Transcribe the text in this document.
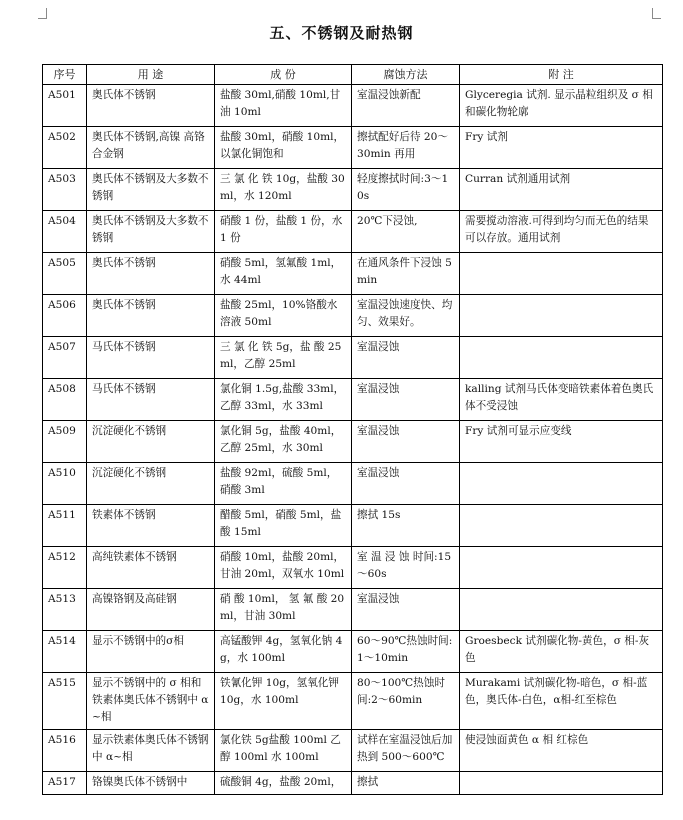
五、不锈钢及耐热钢
序号	用 途	成 份	腐蚀方法	附 注
A501	奥氏体不锈钢	盐酸 30ml,硝酸 10ml,甘油 10ml	室温浸蚀新配	Glyceregia 试剂. 显示晶粒组织及 σ 相和碳化物轮廓
A502	奥氏体不锈钢,高镍 高铬合金钢	盐酸 30ml，硝酸 10ml，以氯化铜饱和	擦拭配好后待 20～30min 再用	Fry 试剂
A503	奥氏体不锈钢及大多数不锈钢	三 氯 化 铁 10g，盐酸 30ml，水 120ml	轻度擦拭时间:3～10s	Curran 试剂通用试剂
A504	奥氏体不锈钢及大多数不锈钢	硝酸 1 份，盐酸 1 份，水 1 份	20℃下浸蚀,	需要搅动溶液.可得到均匀而无色的结果可以存放。通用试剂
A505	奥氏体不锈钢	硝酸 5ml，氢氟酸 1ml，水 44ml	在通风条件下浸蚀 5min	
A506	奥氏体不锈钢	盐酸 25ml，10%铬酸水溶液 50ml	室温浸蚀速度快、均匀、效果好。	
A507	马氏体不锈钢	三 氯 化 铁 5g，盐 酸 25ml，乙醇 25ml	室温浸蚀	
A508	马氏体不锈钢	氯化铜 1.5g,盐酸 33ml，乙醇 33ml，水 33ml	室温浸蚀	kalling 试剂马氏体变暗铁素体着色奥氏体不受浸蚀
A509	沉淀硬化不锈钢	氯化铜 5g，盐酸 40ml，乙醇 25ml，水 30ml	室温浸蚀	Fry 试剂可显示应变线
A510	沉淀硬化不锈钢	盐酸 92ml，硫酸 5ml，硝酸 3ml	室温浸蚀	
A511	铁素体不锈钢	醋酸 5ml，硝酸 5ml，盐酸 15ml	擦拭 15s	
A512	高纯铁素体不锈钢	硝酸 10ml，盐酸 20ml，甘油 20ml，双氧水 10ml	室 温 浸 蚀 时间:15～60s	
A513	高镍铬钢及高硅钢	硝 酸 10ml， 氢 氟 酸 20ml，甘油 30ml	室温浸蚀	
A514	显示不锈钢中的σ相	高锰酸钾 4g，氢氧化钠 4g，水 100ml	60～90℃热蚀时间:1～10min	Groesbeck 试剂碳化物-黄色，σ 相-灰色
A515	显示不锈钢中的 σ 相和铁素体奥氏体不锈钢中 α~相	铁氰化钾 10g，氢氧化钾 10g，水 100ml	80～100℃热蚀时间:2～60min	Murakami 试剂碳化物-暗色，σ 相-蓝色，奥氏体-白色，α相-红至棕色
A516	显示铁素体奥氏体不锈钢中 α~相	氯化铁 5g盐酸 100ml 乙醇 100ml 水 100ml	试样在室温浸蚀后加热到 500～600℃	使浸蚀面黄色 α 相 红棕色
A517	铬镍奥氏体不锈钢中	硫酸铜 4g，盐酸 20ml，	擦拭	
